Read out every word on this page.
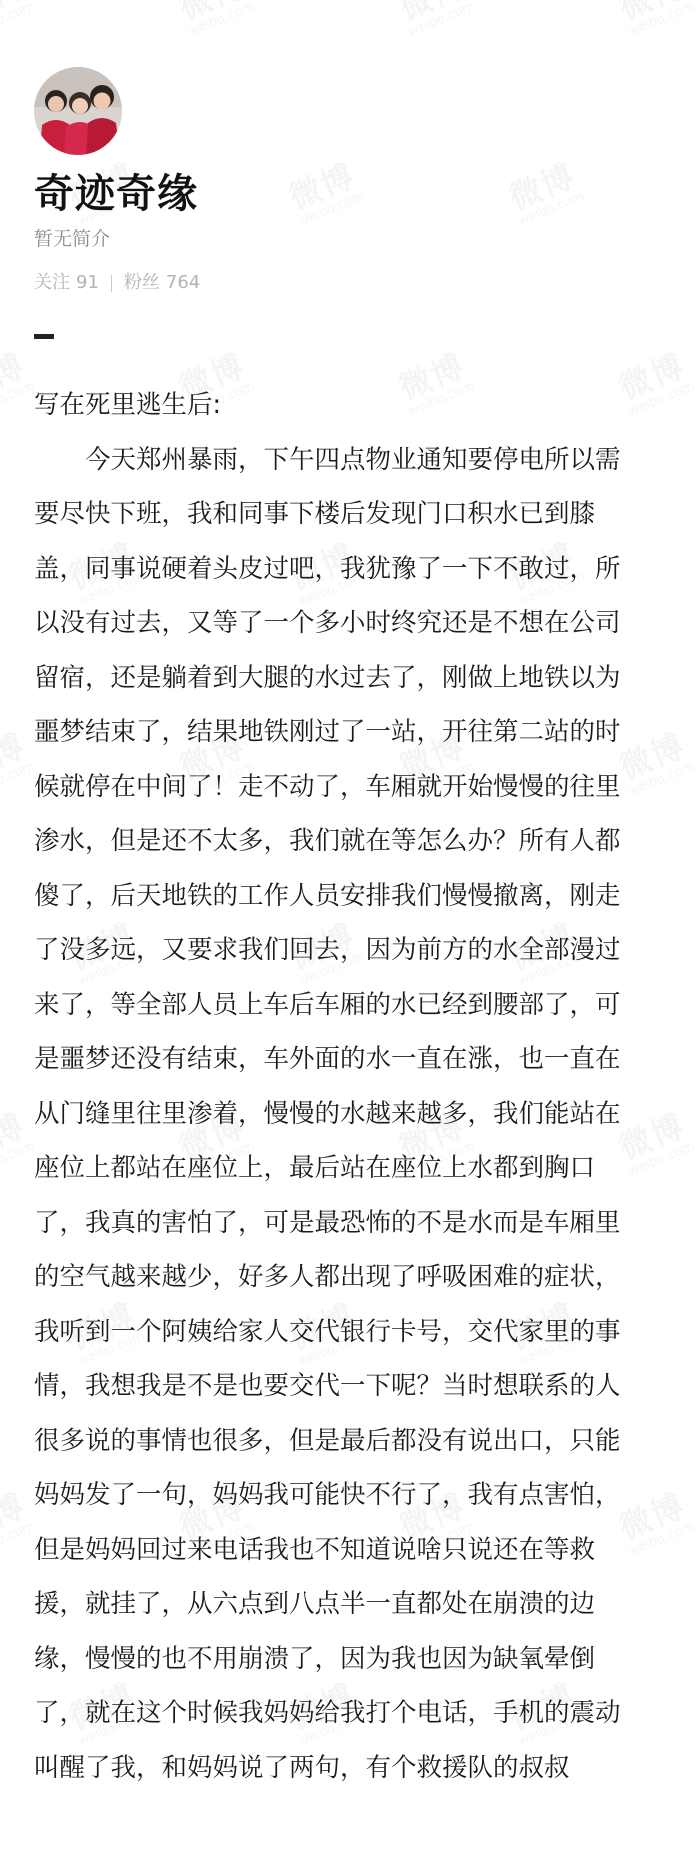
奇迹奇缘
暂无简介
关注 91 粉丝 764

写在死里逃生后:

今天郑州暴雨，下午四点物业通知要停电所以需要尽快下班，我和同事下楼后发现门口积水已到膝盖，同事说硬着头皮过吧，我犹豫了一下不敢过，所以没有过去，又等了一个多小时终究还是不想在公司留宿，还是躺着到大腿的水过去了，刚做上地铁以为噩梦结束了，结果地铁刚过了一站，开往第二站的时候就停在中间了！走不动了，车厢就开始慢慢的往里渗水，但是还不太多，我们就在等怎么办？所有人都傻了，后天地铁的工作人员安排我们慢慢撤离，刚走了没多远，又要求我们回去，因为前方的水全部漫过来了，等全部人员上车后车厢的水已经到腰部了，可是噩梦还没有结束，车外面的水一直在涨，也一直在从门缝里往里渗着，慢慢的水越来越多，我们能站在座位上都站在座位上，最后站在座位上水都到胸口了，我真的害怕了，可是最恐怖的不是水而是车厢里的空气越来越少，好多人都出现了呼吸困难的症状，我听到一个阿姨给家人交代银行卡号，交代家里的事情，我想我是不是也要交代一下呢？当时想联系的人很多说的事情也很多，但是最后都没有说出口，只能妈妈发了一句，妈妈我可能快不行了，我有点害怕，但是妈妈回过来电话我也不知道说啥只说还在等救援，就挂了，从六点到八点半一直都处在崩溃的边缘，慢慢的也不用崩溃了，因为我也因为缺氧晕倒了，就在这个时候我妈妈给我打个电话，手机的震动叫醒了我，和妈妈说了两句，有个救援队的叔叔
